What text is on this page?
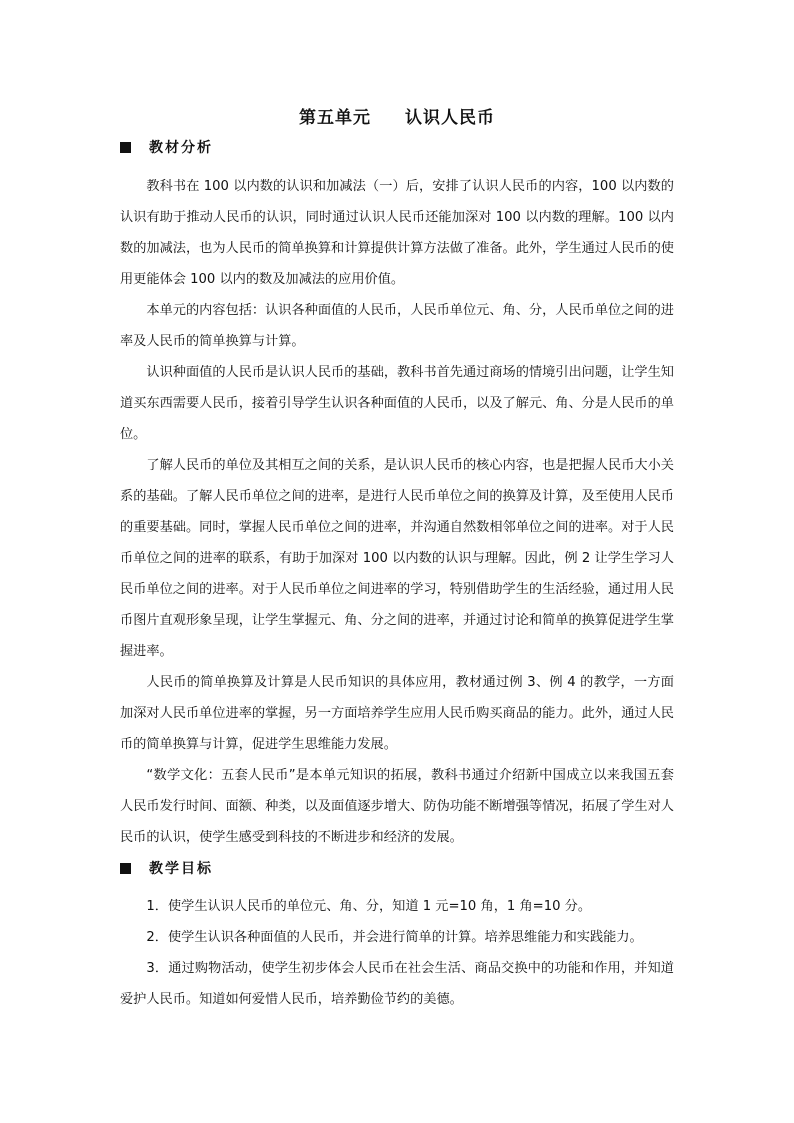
第五单元 认识人民币
教材分析

教科书在 100 以内数的认识和加减法（一）后，安排了认识人民币的内容，100 以内数的认识有助于推动人民币的认识，同时通过认识人民币还能加深对 100 以内数的理解。100 以内数的加减法，也为人民币的简单换算和计算提供计算方法做了准备。此外，学生通过人民币的使用更能体会 100 以内的数及加减法的应用价值。

本单元的内容包括：认识各种面值的人民币，人民币单位元、角、分，人民币单位之间的进率及人民币的简单换算与计算。

认识种面值的人民币是认识人民币的基础，教科书首先通过商场的情境引出问题，让学生知道买东西需要人民币，接着引导学生认识各种面值的人民币，以及了解元、角、分是人民币的单位。

了解人民币的单位及其相互之间的关系，是认识人民币的核心内容，也是把握人民币大小关系的基础。了解人民币单位之间的进率，是进行人民币单位之间的换算及计算，及至使用人民币的重要基础。同时，掌握人民币单位之间的进率，并沟通自然数相邻单位之间的进率。对于人民币单位之间的进率的联系，有助于加深对 100 以内数的认识与理解。因此，例 2 让学生学习人民币单位之间的进率。对于人民币单位之间进率的学习，特别借助学生的生活经验，通过用人民币图片直观形象呈现，让学生掌握元、角、分之间的进率，并通过讨论和简单的换算促进学生掌握进率。

人民币的简单换算及计算是人民币知识的具体应用，教材通过例 3、例 4 的教学，一方面加深对人民币单位进率的掌握，另一方面培养学生应用人民币购买商品的能力。此外，通过人民币的简单换算与计算，促进学生思维能力发展。

“数学文化：五套人民币”是本单元知识的拓展，教科书通过介绍新中国成立以来我国五套人民币发行时间、面额、种类，以及面值逐步增大、防伪功能不断增强等情况，拓展了学生对人民币的认识，使学生感受到科技的不断进步和经济的发展。

教学目标

1．使学生认识人民币的单位元、角、分，知道 1 元=10 角，1 角=10 分。

2．使学生认识各种面值的人民币，并会进行简单的计算。培养思维能力和实践能力。

3．通过购物活动，使学生初步体会人民币在社会生活、商品交换中的功能和作用，并知道爱护人民币。知道如何爱惜人民币，培养勤俭节约的美德。
